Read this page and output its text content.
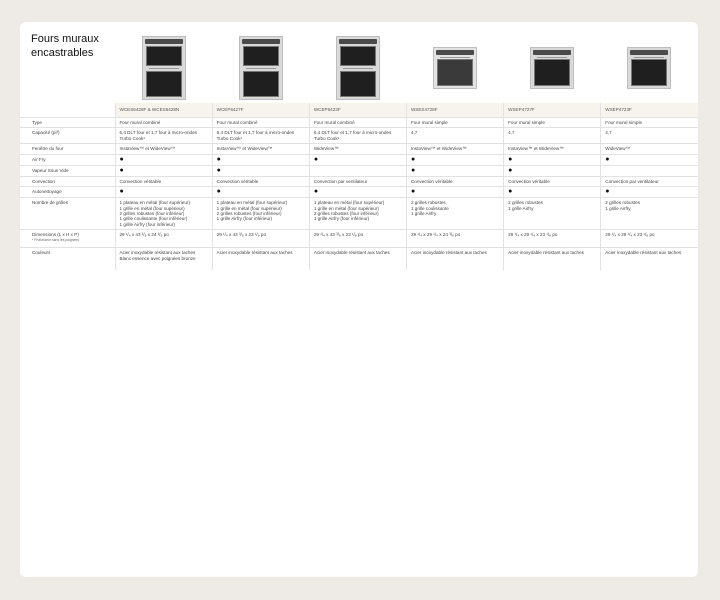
Fours muraux
encastrables
	WCES6428F & WCES6428N	WCEP6427F	WCEP6423F	WSES4728F	WSEP4727F	WSEP4723F

Type	Four mural combiné	Four mural combiné	Four mural combiné	Four mural simple	Four mural simple	Four mural simple

Capacité (pi³)	6,4 DLT four et 1,7 four à micro-ondes Turbo Cook¹	6,4 DLT four et 1,7 four à micro-ondes Turbo Cook¹	6,4 DLT four et 1,7 four à micro-ondes Turbo Cook¹	4,7	4,7	4,7

Fenêtre du four	InstaView™ et WideView™	InstaView™ et WideView™	WideView™	InstaView™ et WideView™	InstaView™ et WideView™	WideView™

Air Fry	●	●	●	●	●	●

Vapeur Sous Vide	●	●		●	●	

Convection	Convection véritable	Convection véritable	Convection par ventilateur	Convection véritable	Convection véritable	Convection par ventilateur

Autonettoyage	●	●	●	●	●	●

Nombre de grilles	1 plateau en métal (four supérieur)
1 grille en métal (four supérieur)
2 grilles robustes (four inférieur)
1 grille coulissante (four inférieur)
1 grille Airfry (four inférieur)	1 plateau en métal (four supérieur)
1 grille en métal (four supérieur)
2 grilles robustes (four inférieur)
1 grille Airfry (four inférieur)	1 plateau en métal (four supérieur)
1 grille en métal (four supérieur)
2 grilles robustes (four inférieur)
1 grille Airfry (four inférieur)	2 grilles robustes
1 grille coulissante
1 grille Airfry	2 grilles robustes
1 grille Airfry	2 grilles robustes
1 grille Airfry

Dimensions (L x H x P)
* Profondeur sans les poignées	29 ¹/₄ x 43 ³/₈ x 24 ³/₈ po	29 ¹/₄ x 43 ³/₈ x 23 ¹/₈ po	29 ¹/₄ x 43 ³/₈ x 23 ¹/₈ po	29 ¹/₄ x 29 ¹/₄ x 24 ³/₈ po	29 ¹/₄ x 29 ¹/₄ x 23 ¹/₈ po	29 ¹/₄ x 29 ¹/₄ x 23 ¹/₈ po

Couleurs	Acier inoxydable résistant aux taches
Blanc essence avec poignées bronze	Acier inoxydable résistant aux taches	Acier inoxydable résistant aux taches	Acier inoxydable résistant aux taches	Acier inoxydable résistant aux taches	Acier inoxydable résistant aux taches
